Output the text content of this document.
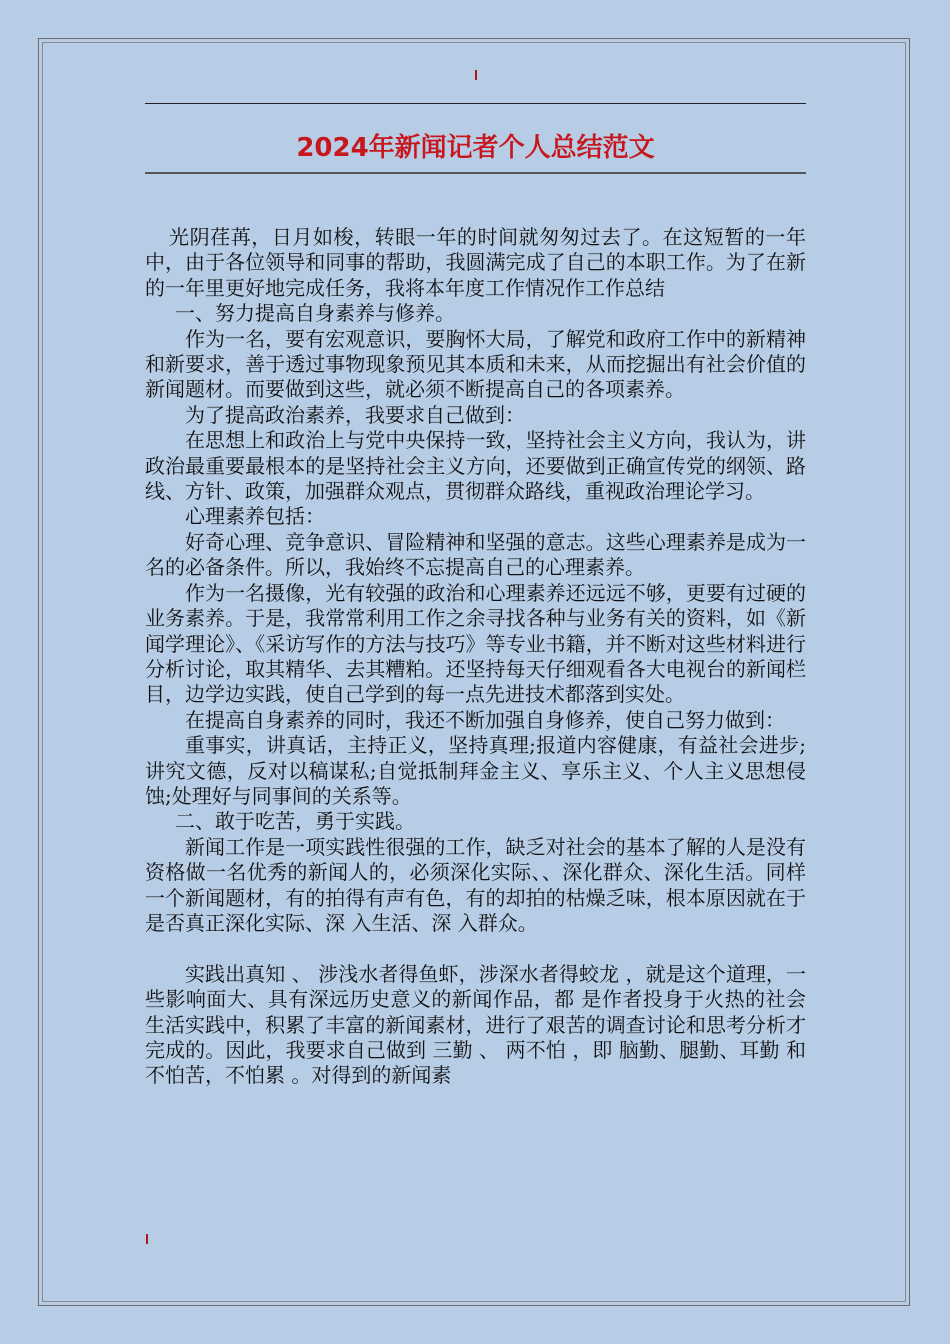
2024年新闻记者个人总结范文

光阴荏苒，日月如梭，转眼一年的时间就匆匆过去了。在这短暂的一年中，由于各位领导和同事的帮助，我圆满完成了自己的本职工作。为了在新的一年里更好地完成任务，我将本年度工作情况作工作总结

一、努力提高自身素养与修养。

作为一名，要有宏观意识，要胸怀大局，了解党和政府工作中的新精神和新要求，善于透过事物现象预见其本质和未来，从而挖掘出有社会价值的新闻题材。而要做到这些，就必须不断提高自己的各项素养。

为了提高政治素养，我要求自己做到：

在思想上和政治上与党中央保持一致，坚持社会主义方向，我认为，讲政治最重要最根本的是坚持社会主义方向，还要做到正确宣传党的纲领、路线、方针、政策，加强群众观点，贯彻群众路线，重视政治理论学习。

心理素养包括：

好奇心理、竞争意识、冒险精神和坚强的意志。这些心理素养是成为一名的必备条件。所以，我始终不忘提高自己的心理素养。

作为一名摄像，光有较强的政治和心理素养还远远不够，更要有过硬的业务素养。于是，我常常利用工作之余寻找各种与业务有关的资料，如《新闻学理论》、《采访写作的方法与技巧》等专业书籍，并不断对这些材料进行分析讨论，取其精华、去其糟粕。还坚持每天仔细观看各大电视台的新闻栏目，边学边实践，使自己学到的每一点先进技术都落到实处。

在提高自身素养的同时，我还不断加强自身修养，使自己努力做到：

重事实，讲真话，主持正义，坚持真理;报道内容健康，有益社会进步;讲究文德，反对以稿谋私;自觉抵制拜金主义、享乐主义、个人主义思想侵蚀;处理好与同事间的关系等。

二、敢于吃苦，勇于实践。

新闻工作是一项实践性很强的工作，缺乏对社会的基本了解的人是没有资格做一名优秀的新闻人的，必须深化实际、、深化群众、深化生活。同样一个新闻题材，有的拍得有声有色，有的却拍的枯燥乏味，根本原因就在于是否真正深化实际、深 入生活、深 入群众。

实践出真知 、 涉浅水者得鱼虾，涉深水者得蛟龙 ，就是这个道理，一些影响面大、具有深远历史意义的新闻作品，都 是作者投身于火热的社会生活实践中，积累了丰富的新闻素材，进行了艰苦的调查讨论和思考分析才完成的。因此，我要求自己做到 三勤 、 两不怕 ，即 脑勤、腿勤、耳勤 和 不怕苦，不怕累 。对得到的新闻素
